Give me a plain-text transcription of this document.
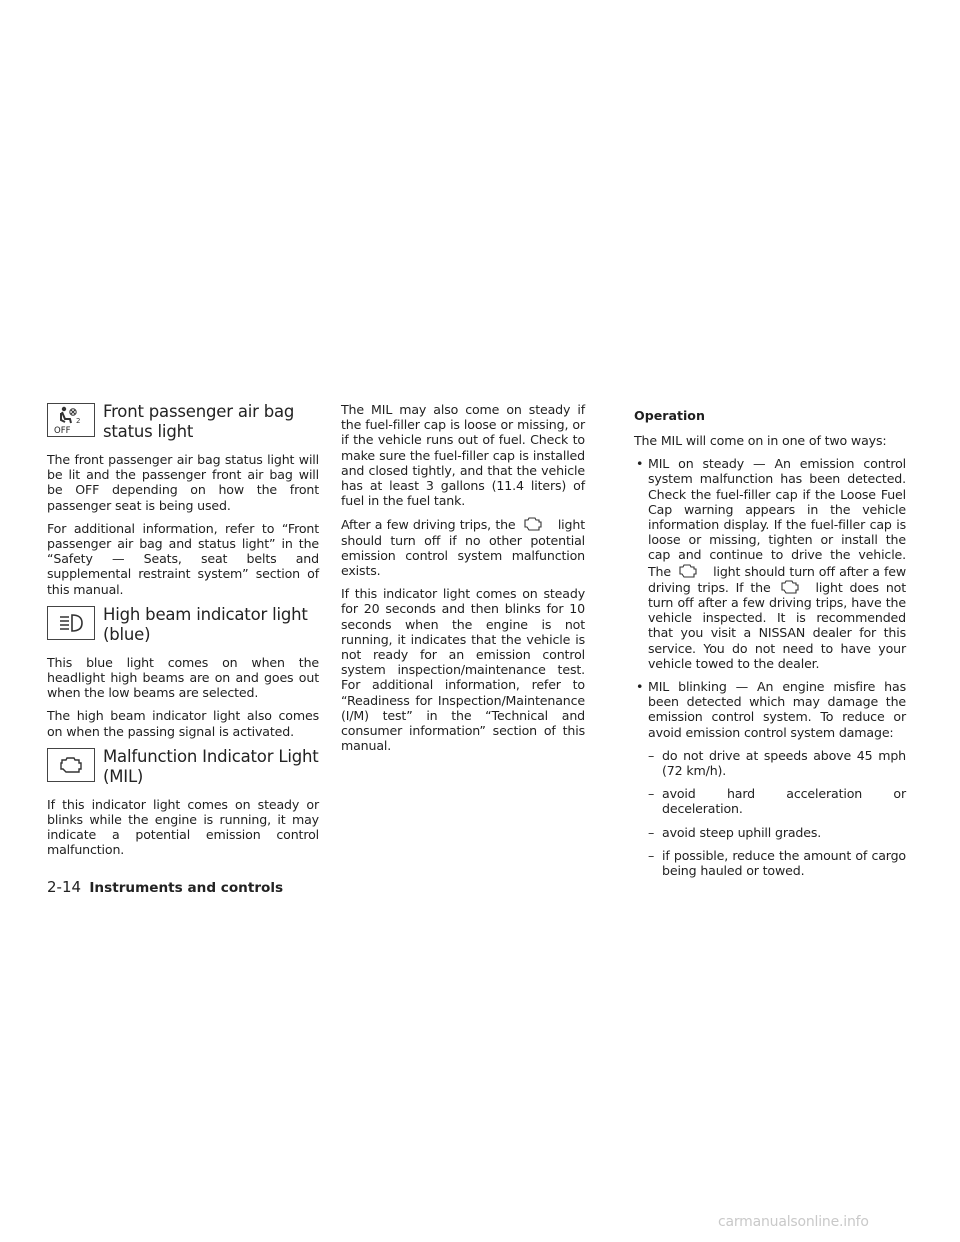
2
OFF
Front passenger air bag
status light

The front passenger air bag status light will be lit and the passenger front air bag will be OFF depending on how the front passenger seat is being used.

For additional information, refer to “Front passenger air bag and status light” in the “Safety — Seats, seat belts and supplemental restraint system” section of this manual.

High beam indicator light
(blue)

This blue light comes on when the headlight high beams are on and goes out when the low beams are selected.

The high beam indicator light also comes on when the passing signal is activated.

Malfunction Indicator Light
(MIL)

If this indicator light comes on steady or blinks while the engine is running, it may indicate a potential emission control malfunction.

The MIL may also come on steady if the fuel-filler cap is loose or missing, or if the vehicle runs out of fuel. Check to make sure the fuel-filler cap is installed and closed tightly, and that the vehicle has at least 3 gallons (11.4 liters) of fuel in the fuel tank.

After a few driving trips, the	light should turn off if no other potential emission control system malfunction exists.

If this indicator light comes on steady for 20 seconds and then blinks for 10 seconds when the engine is not running, it indicates that the vehicle is not ready for an emission control system inspection/maintenance test. For additional information, refer to “Readiness for Inspection/Maintenance (I/M) test” in the “Technical and consumer information” section of this manual.

Operation

The MIL will come on in one of two ways:

• MIL on steady — An emission control system malfunction has been detected. Check the fuel-filler cap if the Loose Fuel Cap warning appears in the vehicle information display. If the fuel-filler cap is loose or missing, tighten or install the cap and continue to drive the vehicle. The	light should turn off after a few driving trips. If the	light does not turn off after a few driving trips, have the vehicle inspected. It is recommended that you visit a NISSAN dealer for this service. You do not need to have your vehicle towed to the dealer.

• MIL blinking — An engine misfire has been detected which may damage the emission control system. To reduce or avoid emission control system damage:

– do not drive at speeds above 45 mph (72 km/h).

– avoid hard acceleration or deceleration.

– avoid steep uphill grades.

– if possible, reduce the amount of cargo being hauled or towed.

2-14 Instruments and controls
carmanualsonline.info
